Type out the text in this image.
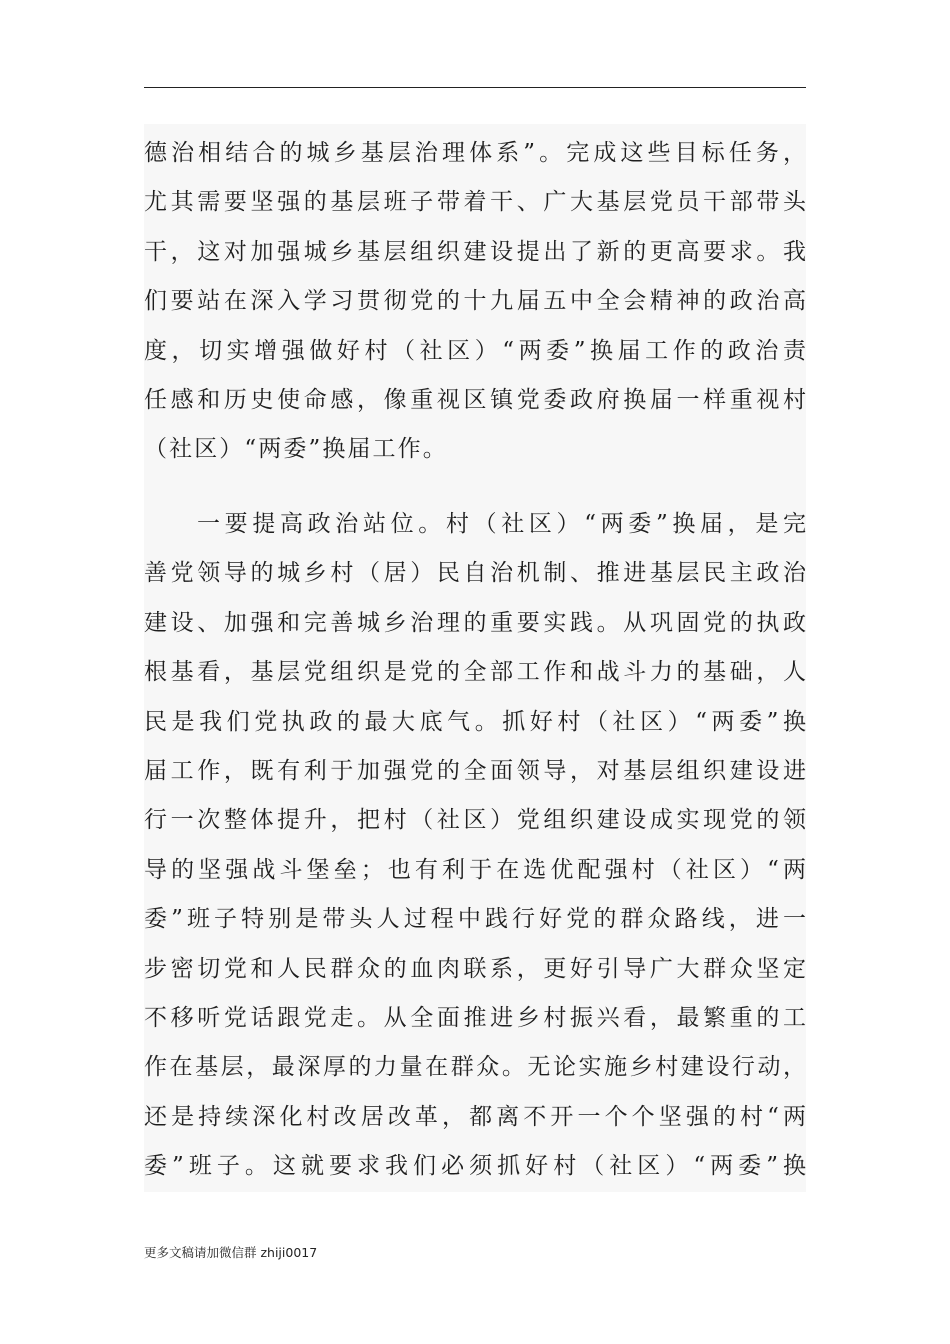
德治相结合的城乡基层治理体系”。完成这些目标任务，
尤其需要坚强的基层班子带着干、广大基层党员干部带头
干，这对加强城乡基层组织建设提出了新的更高要求。我
们要站在深入学习贯彻党的十九届五中全会精神的政治高
度，切实增强做好村（社区）“两委”换届工作的政治责
任感和历史使命感，像重视区镇党委政府换届一样重视村
（社区）“两委”换届工作。
一要提高政治站位。村（社区）“两委”换届，是完
善党领导的城乡村（居）民自治机制、推进基层民主政治
建设、加强和完善城乡治理的重要实践。从巩固党的执政
根基看，基层党组织是党的全部工作和战斗力的基础，人
民是我们党执政的最大底气。抓好村（社区）“两委”换
届工作，既有利于加强党的全面领导，对基层组织建设进
行一次整体提升，把村（社区）党组织建设成实现党的领
导的坚强战斗堡垒；也有利于在选优配强村（社区）“两
委”班子特别是带头人过程中践行好党的群众路线，进一
步密切党和人民群众的血肉联系，更好引导广大群众坚定
不移听党话跟党走。从全面推进乡村振兴看，最繁重的工
作在基层，最深厚的力量在群众。无论实施乡村建设行动，
还是持续深化村改居改革，都离不开一个个坚强的村“两
委”班子。这就要求我们必须抓好村（社区）“两委”换
更多文稿请加微信群 zhiji0017
